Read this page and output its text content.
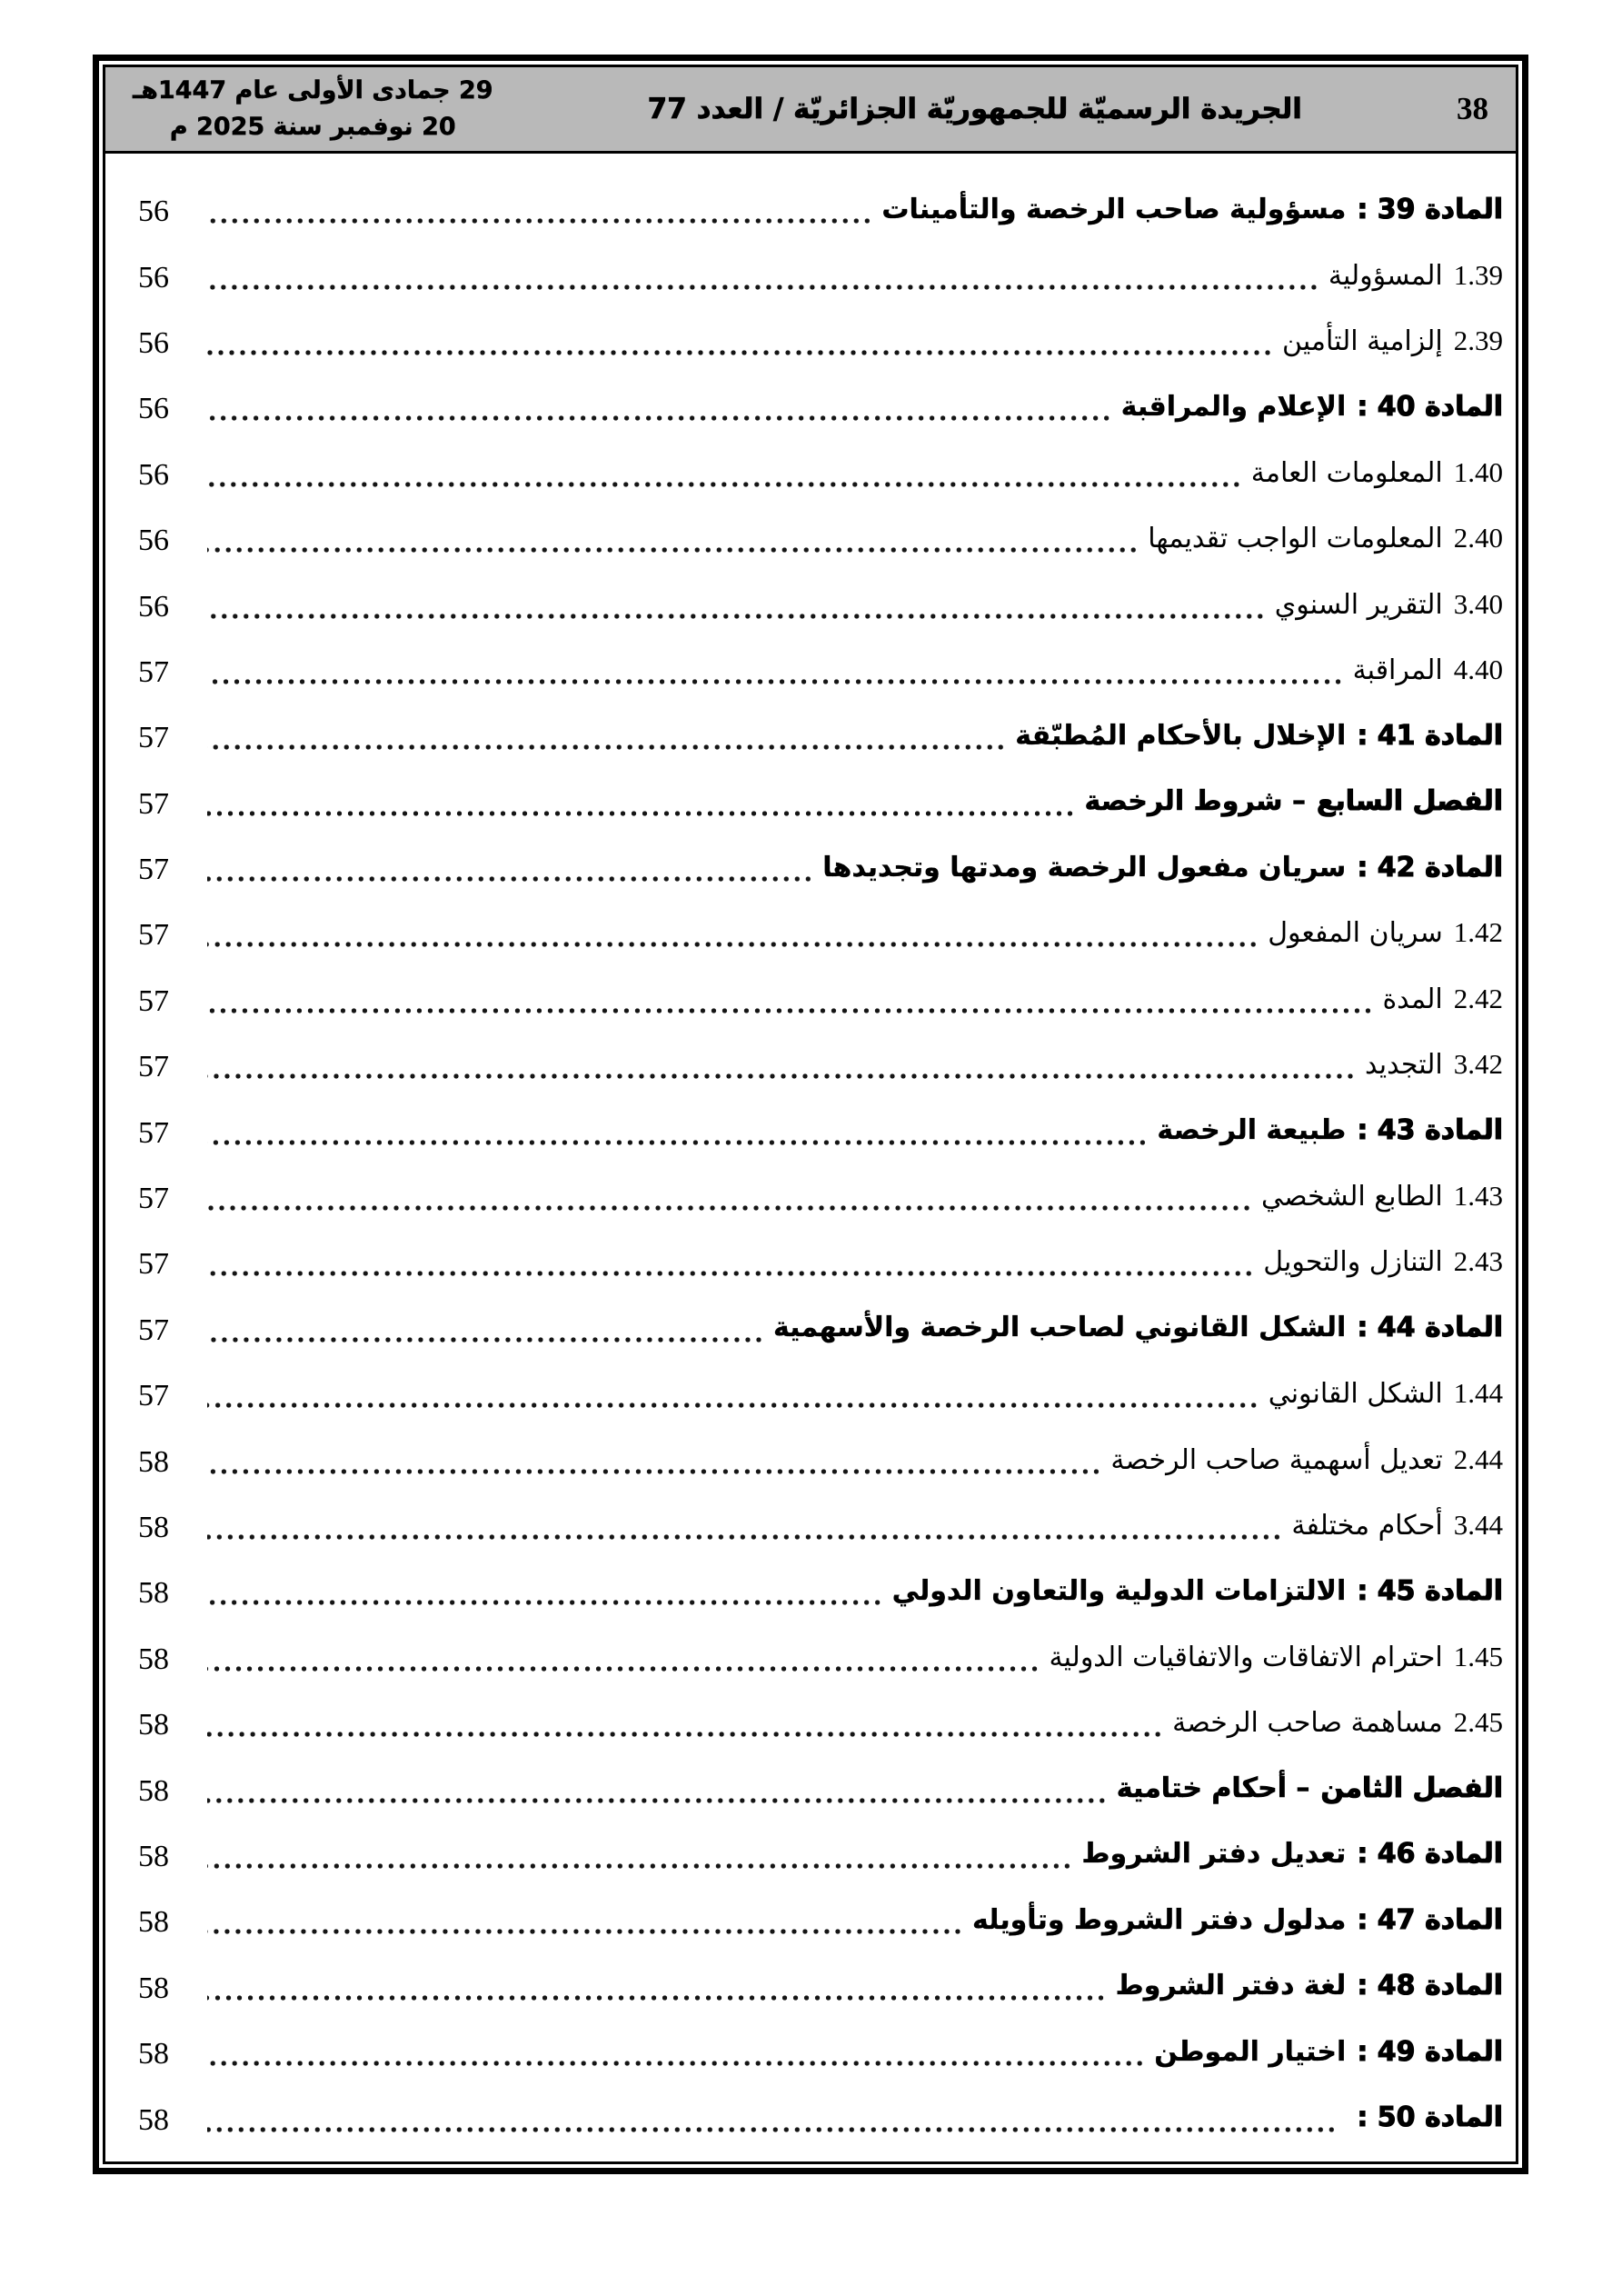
38
الجريدة الرسميّة للجمهوريّة الجزائريّة / العدد 77
29 جمادى الأولى عام 1447هـ
20 نوفمبر سنة 2025 م
المادة 39 :مسؤولية صاحب الرخصة والتأمينات
56
1.39المسؤولية
56
2.39إلزامية التأمين
56
المادة 40 :الإعلام والمراقبة
56
1.40المعلومات العامة
56
2.40المعلومات الواجب تقديمها
56
3.40التقرير السنوي
56
4.40المراقبة
57
المادة 41 :الإخلال بالأحكام المُطبّقة
57
الفصل السابع– شروط الرخصة
57
المادة 42 :سريان مفعول الرخصة ومدتها وتجديدها
57
1.42سريان المفعول
57
2.42المدة
57
3.42التجديد
57
المادة 43 :طبيعة الرخصة
57
1.43الطابع الشخصي
57
2.43التنازل والتحويل
57
المادة 44 :الشكل القانوني لصاحب الرخصة والأسهمية
57
1.44الشكل القانوني
57
2.44تعديل أسهمية صاحب الرخصة
58
3.44أحكام مختلفة
58
المادة 45 :الالتزامات الدولية والتعاون الدولي
58
1.45احترام الاتفاقات والاتفاقيات الدولية
58
2.45مساهمة صاحب الرخصة
58
الفصل الثامن– أحكام ختامية
58
المادة 46 :تعديل دفتر الشروط
58
المادة 47 :مدلول دفتر الشروط وتأويله
58
المادة 48 :لغة دفتر الشروط
58
المادة 49 :اختيار الموطن
58
المادة 50 :
58
